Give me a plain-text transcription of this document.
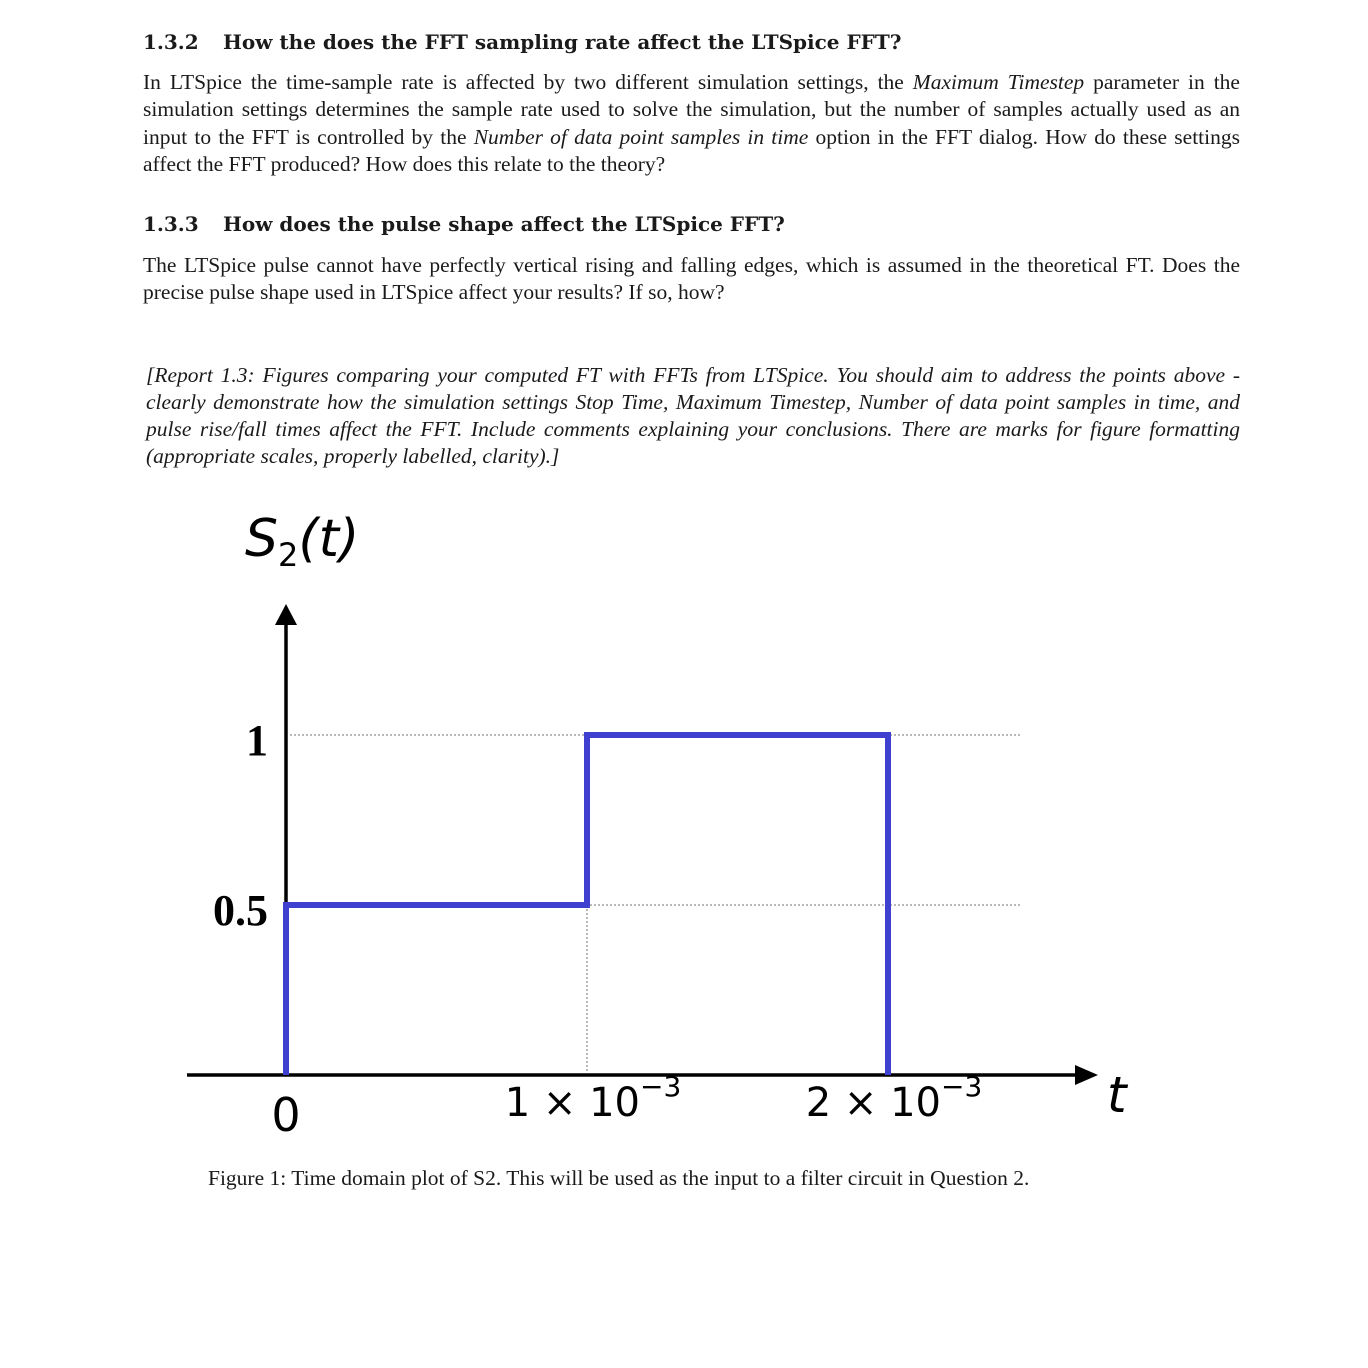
1.3.2 How the does the FFT sampling rate affect the LTSpice FFT?
In LTSpice the time-sample rate is affected by two different simulation settings, the Maximum Timestep parameter in the simulation settings determines the sample rate used to solve the simulation, but the number of samples actually used as an input to the FFT is controlled by the Number of data point samples in time option in the FFT dialog. How do these settings affect the FFT produced? How does this relate to the theory?
1.3.3 How does the pulse shape affect the LTSpice FFT?
The LTSpice pulse cannot have perfectly vertical rising and falling edges, which is assumed in the theoretical FT. Does the precise pulse shape used in LTSpice affect your results? If so, how?
[Report 1.3: Figures comparing your computed FT with FFTs from LTSpice. You should aim to address the points above - clearly demonstrate how the simulation settings Stop Time, Maximum Timestep, Number of data point samples in time, and pulse rise/fall times affect the FFT. Include comments explaining your conclusions. There are marks for figure formatting (appropriate scales, properly labelled, clarity).]
1
0.5
0	$1 \times 10^{-3}$	$2 \times 10^{-3}$
S2(t)
t
Figure 1: Time domain plot of S2. This will be used as the input to a filter circuit in Question 2.
